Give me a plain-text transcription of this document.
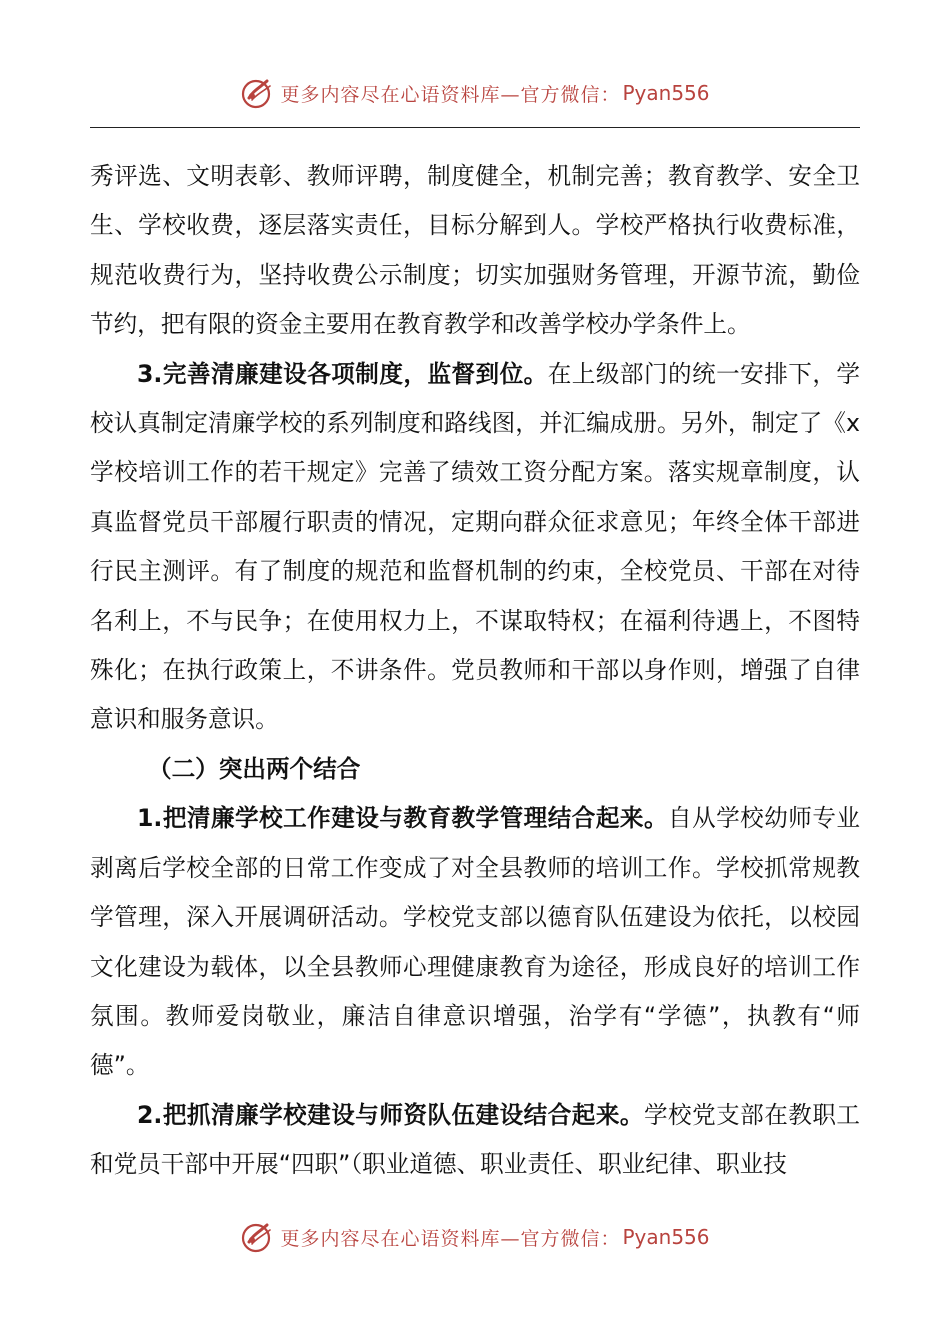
更多内容尽在心语资料库—官方微信： Pyan556

秀评选、文明表彰、教师评聘，制度健全，机制完善；教育教学、安全卫生、学校收费，逐层落实责任，目标分解到人。学校严格执行收费标准，规范收费行为，坚持收费公示制度；切实加强财务管理，开源节流，勤俭节约，把有限的资金主要用在教育教学和改善学校办学条件上。

3.完善清廉建设各项制度，监督到位。在上级部门的统一安排下，学校认真制定清廉学校的系列制度和路线图，并汇编成册。另外，制定了《x 学校培训工作的若干规定》完善了绩效工资分配方案。落实规章制度，认真监督党员干部履行职责的情况，定期向群众征求意见；年终全体干部进行民主测评。有了制度的规范和监督机制的约束，全校党员、干部在对待名利上，不与民争；在使用权力上，不谋取特权；在福利待遇上，不图特殊化；在执行政策上，不讲条件。党员教师和干部以身作则，增强了自律意识和服务意识。

（二）突出两个结合

1.把清廉学校工作建设与教育教学管理结合起来。自从学校幼师专业剥离后学校全部的日常工作变成了对全县教师的培训工作。学校抓常规教学管理，深入开展调研活动。学校党支部以德育队伍建设为依托，以校园文化建设为载体，以全县教师心理健康教育为途径，形成良好的培训工作氛围。教师爱岗敬业，廉洁自律意识增强，治学有“学德”，执教有“师德”。

2.把抓清廉学校建设与师资队伍建设结合起来。学校党支部在教职工和党员干部中开展“四职”（职业道德、职业责任、职业纪律、职业技

更多内容尽在心语资料库—官方微信： Pyan556
